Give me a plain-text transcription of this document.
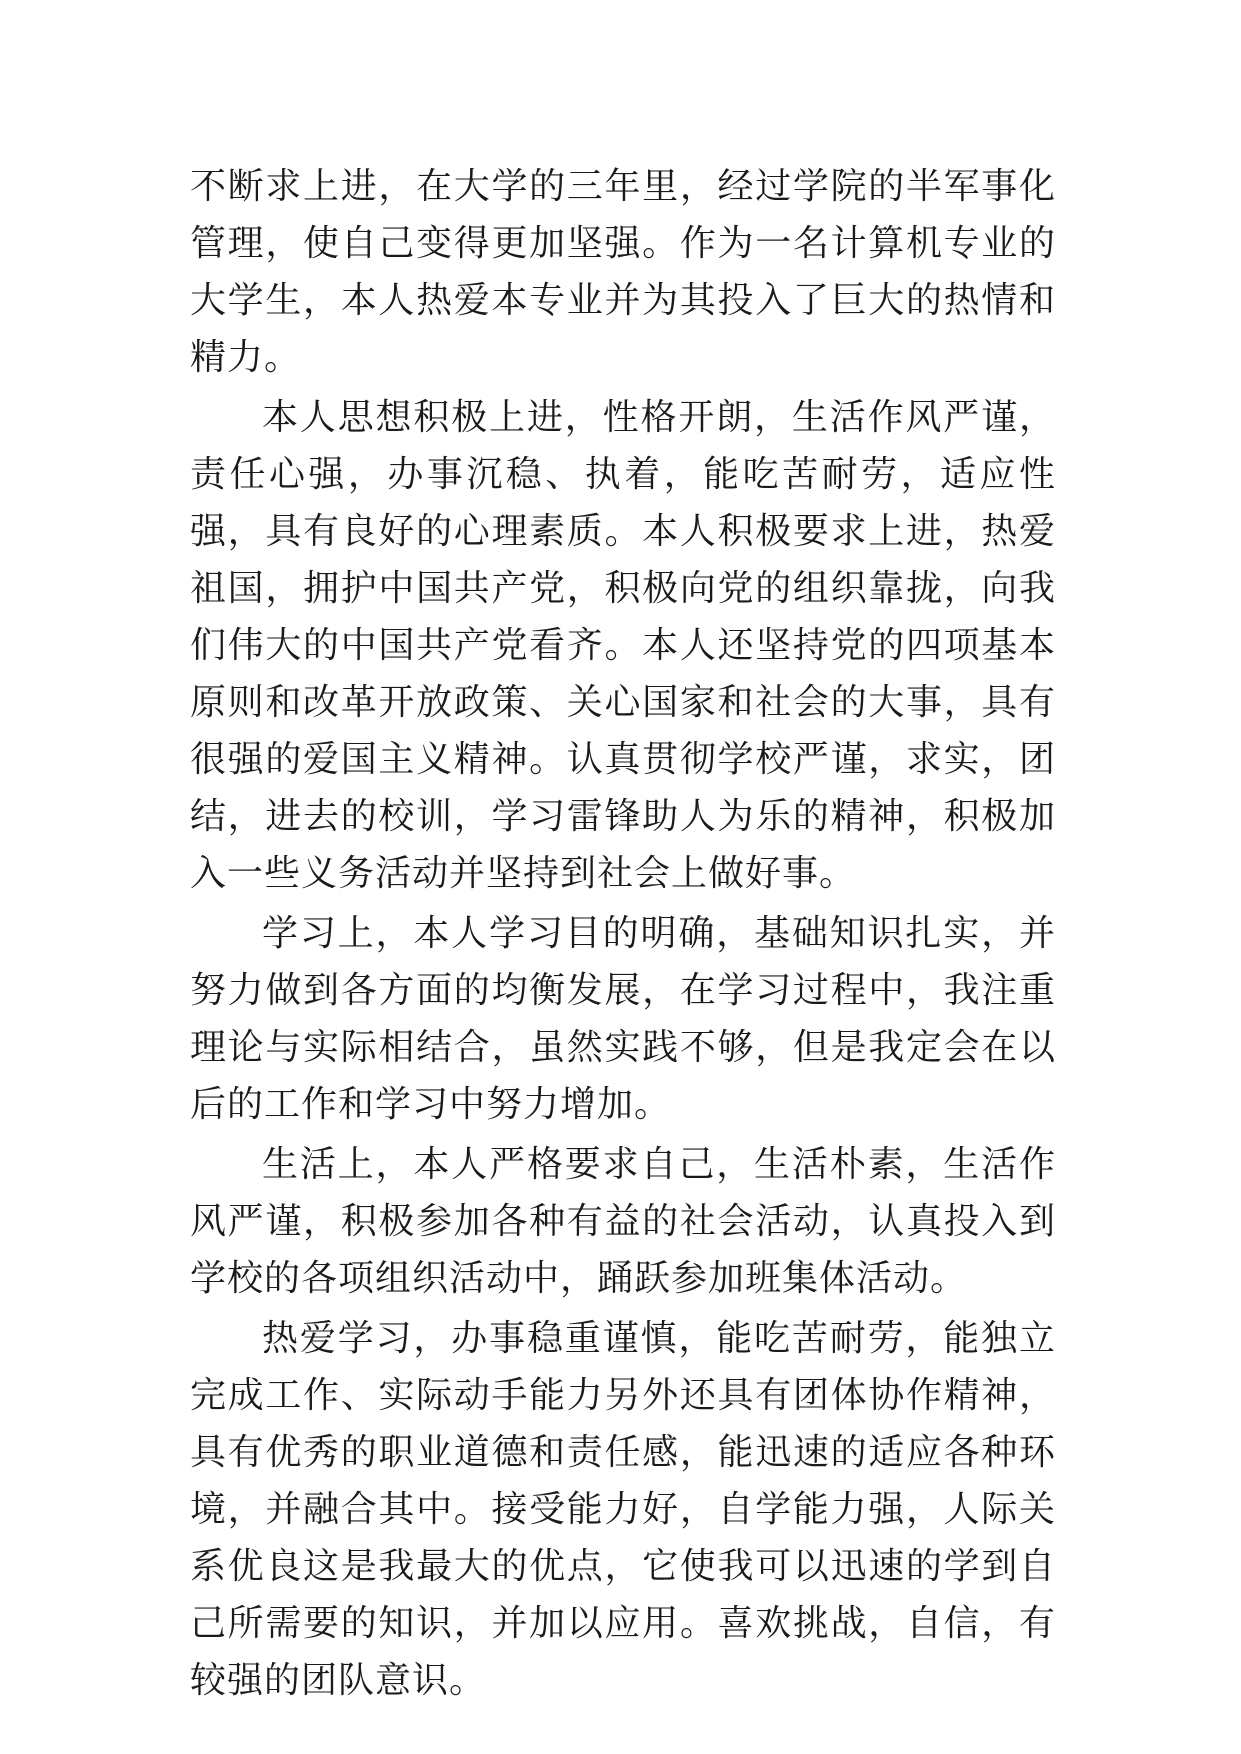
不断求上进，在大学的三年里，经过学院的半军事化管理，使自己变得更加坚强。作为一名计算机专业的大学生，本人热爱本专业并为其投入了巨大的热情和精力。

本人思想积极上进，性格开朗，生活作风严谨，责任心强，办事沉稳、执着，能吃苦耐劳，适应性强，具有良好的心理素质。本人积极要求上进，热爱祖国，拥护中国共产党，积极向党的组织靠拢，向我们伟大的中国共产党看齐。本人还坚持党的四项基本原则和改革开放政策、关心国家和社会的大事，具有很强的爱国主义精神。认真贯彻学校严谨，求实，团结，进去的校训，学习雷锋助人为乐的精神，积极加入一些义务活动并坚持到社会上做好事。

学习上，本人学习目的明确，基础知识扎实，并努力做到各方面的均衡发展，在学习过程中，我注重理论与实际相结合，虽然实践不够，但是我定会在以后的工作和学习中努力增加。

生活上，本人严格要求自己，生活朴素，生活作风严谨，积极参加各种有益的社会活动，认真投入到学校的各项组织活动中，踊跃参加班集体活动。

热爱学习，办事稳重谨慎，能吃苦耐劳，能独立完成工作、实际动手能力另外还具有团体协作精神，具有优秀的职业道德和责任感，能迅速的适应各种环境，并融合其中。接受能力好，自学能力强，人际关系优良这是我最大的优点，它使我可以迅速的学到自己所需要的知识，并加以应用。喜欢挑战，自信，有较强的团队意识。
